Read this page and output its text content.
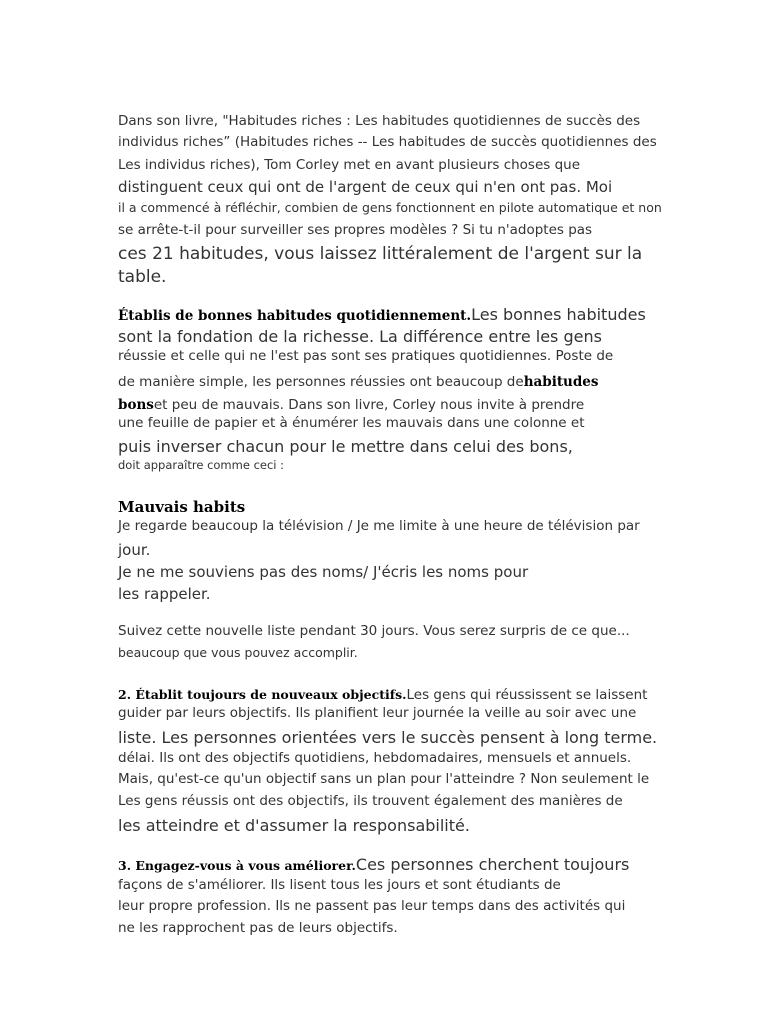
Dans son livre, "Habitudes riches : Les habitudes quotidiennes de succès des
individus riches” (Habitudes riches -- Les habitudes de succès quotidiennes des
Les individus riches), Tom Corley met en avant plusieurs choses que
distinguent ceux qui ont de l'argent de ceux qui n'en ont pas. Moi
il a commencé à réfléchir, combien de gens fonctionnent en pilote automatique et non
se arrête-t-il pour surveiller ses propres modèles ? Si tu n'adoptes pas
ces 21 habitudes, vous laissez littéralement de l'argent sur la
table.
Établis de bonnes habitudes quotidiennement.Les bonnes habitudes
sont la fondation de la richesse. La différence entre les gens
réussie et celle qui ne l'est pas sont ses pratiques quotidiennes. Poste de
de manière simple, les personnes réussies ont beaucoup dehabitudes
bonset peu de mauvais. Dans son livre, Corley nous invite à prendre
une feuille de papier et à énumérer les mauvais dans une colonne et
puis inverser chacun pour le mettre dans celui des bons,
doit apparaître comme ceci :
Mauvais habits
Je regarde beaucoup la télévision / Je me limite à une heure de télévision par
jour.
Je ne me souviens pas des noms/ J'écris les noms pour
les rappeler.
Suivez cette nouvelle liste pendant 30 jours. Vous serez surpris de ce que...
beaucoup que vous pouvez accomplir.
2. Établit toujours de nouveaux objectifs.Les gens qui réussissent se laissent
guider par leurs objectifs. Ils planifient leur journée la veille au soir avec une
liste. Les personnes orientées vers le succès pensent à long terme.
délai. Ils ont des objectifs quotidiens, hebdomadaires, mensuels et annuels.
Mais, qu'est-ce qu'un objectif sans un plan pour l'atteindre ? Non seulement le
Les gens réussis ont des objectifs, ils trouvent également des manières de
les atteindre et d'assumer la responsabilité.
3. Engagez-vous à vous améliorer.Ces personnes cherchent toujours
façons de s'améliorer. Ils lisent tous les jours et sont étudiants de
leur propre profession. Ils ne passent pas leur temps dans des activités qui
ne les rapprochent pas de leurs objectifs.
